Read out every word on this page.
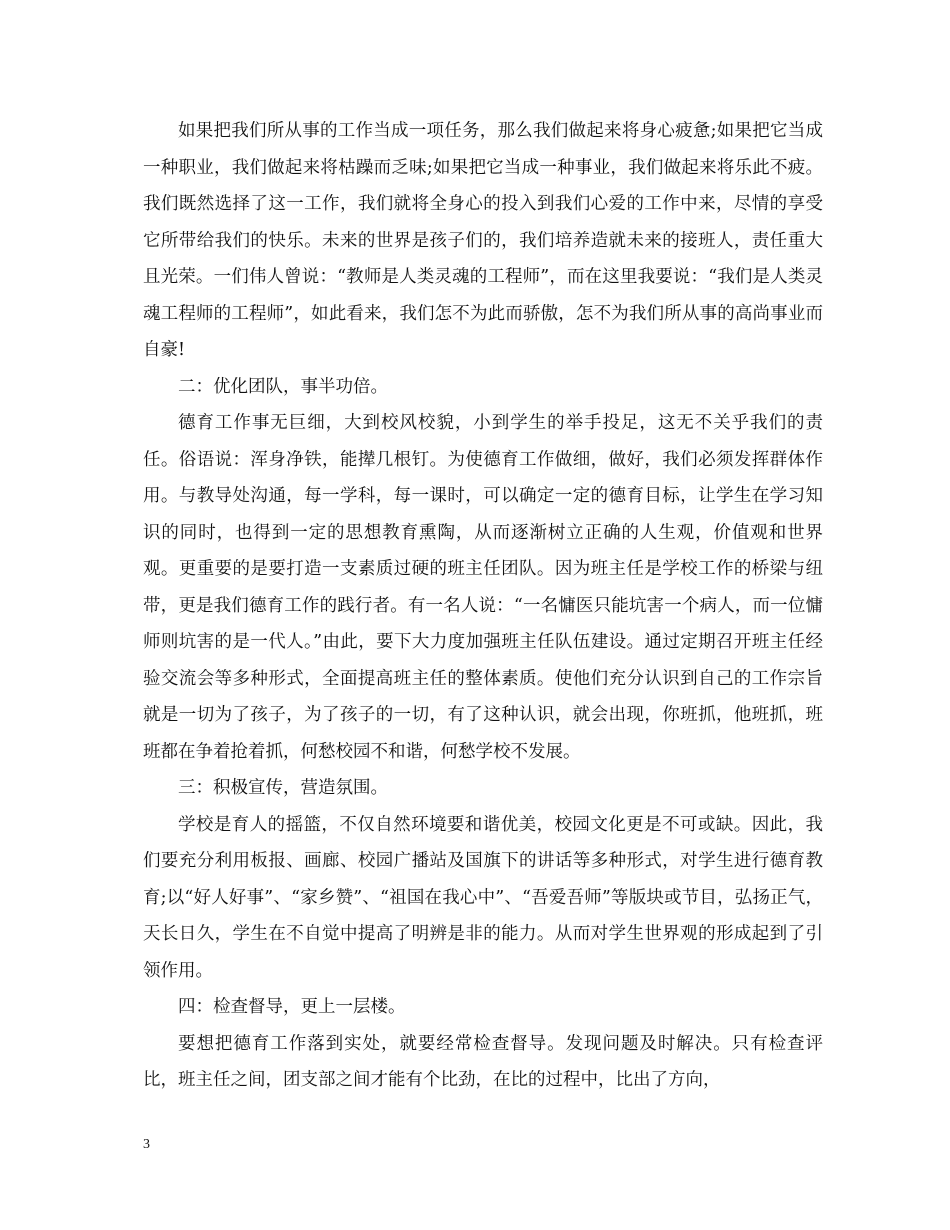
如果把我们所从事的工作当成一项任务，那么我们做起来将身心疲惫;如果把它当成一种职业，我们做起来将枯躁而乏味;如果把它当成一种事业，我们做起来将乐此不疲。我们既然选择了这一工作，我们就将全身心的投入到我们心爱的工作中来，尽情的享受它所带给我们的快乐。未来的世界是孩子们的，我们培养造就未来的接班人，责任重大且光荣。一们伟人曾说：“教师是人类灵魂的工程师”，而在这里我要说：“我们是人类灵魂工程师的工程师”，如此看来，我们怎不为此而骄傲，怎不为我们所从事的高尚事业而自豪!

二：优化团队，事半功倍。

德育工作事无巨细，大到校风校貌，小到学生的举手投足，这无不关乎我们的责任。俗语说：浑身净铁，能撵几根钉。为使德育工作做细，做好，我们必须发挥群体作用。与教导处沟通，每一学科，每一课时，可以确定一定的德育目标，让学生在学习知识的同时，也得到一定的思想教育熏陶，从而逐渐树立正确的人生观，价值观和世界观。更重要的是要打造一支素质过硬的班主任团队。因为班主任是学校工作的桥梁与纽带，更是我们德育工作的践行者。有一名人说：“一名慵医只能坑害一个病人，而一位慵师则坑害的是一代人。”由此，要下大力度加强班主任队伍建设。通过定期召开班主任经验交流会等多种形式，全面提高班主任的整体素质。使他们充分认识到自己的工作宗旨就是一切为了孩子，为了孩子的一切，有了这种认识，就会出现，你班抓，他班抓，班班都在争着抢着抓，何愁校园不和谐，何愁学校不发展。

三：积极宣传，营造氛围。

学校是育人的摇篮，不仅自然环境要和谐优美，校园文化更是不可或缺。因此，我们要充分利用板报、画廊、校园广播站及国旗下的讲话等多种形式，对学生进行德育教育;以“好人好事”、“家乡赞”、“祖国在我心中”、“吾爱吾师”等版块或节目，弘扬正气，天长日久，学生在不自觉中提高了明辨是非的能力。从而对学生世界观的形成起到了引领作用。

四：检查督导，更上一层楼。

要想把德育工作落到实处，就要经常检查督导。发现问题及时解决。只有检查评比，班主任之间，团支部之间才能有个比劲，在比的过程中，比出了方向，

3
